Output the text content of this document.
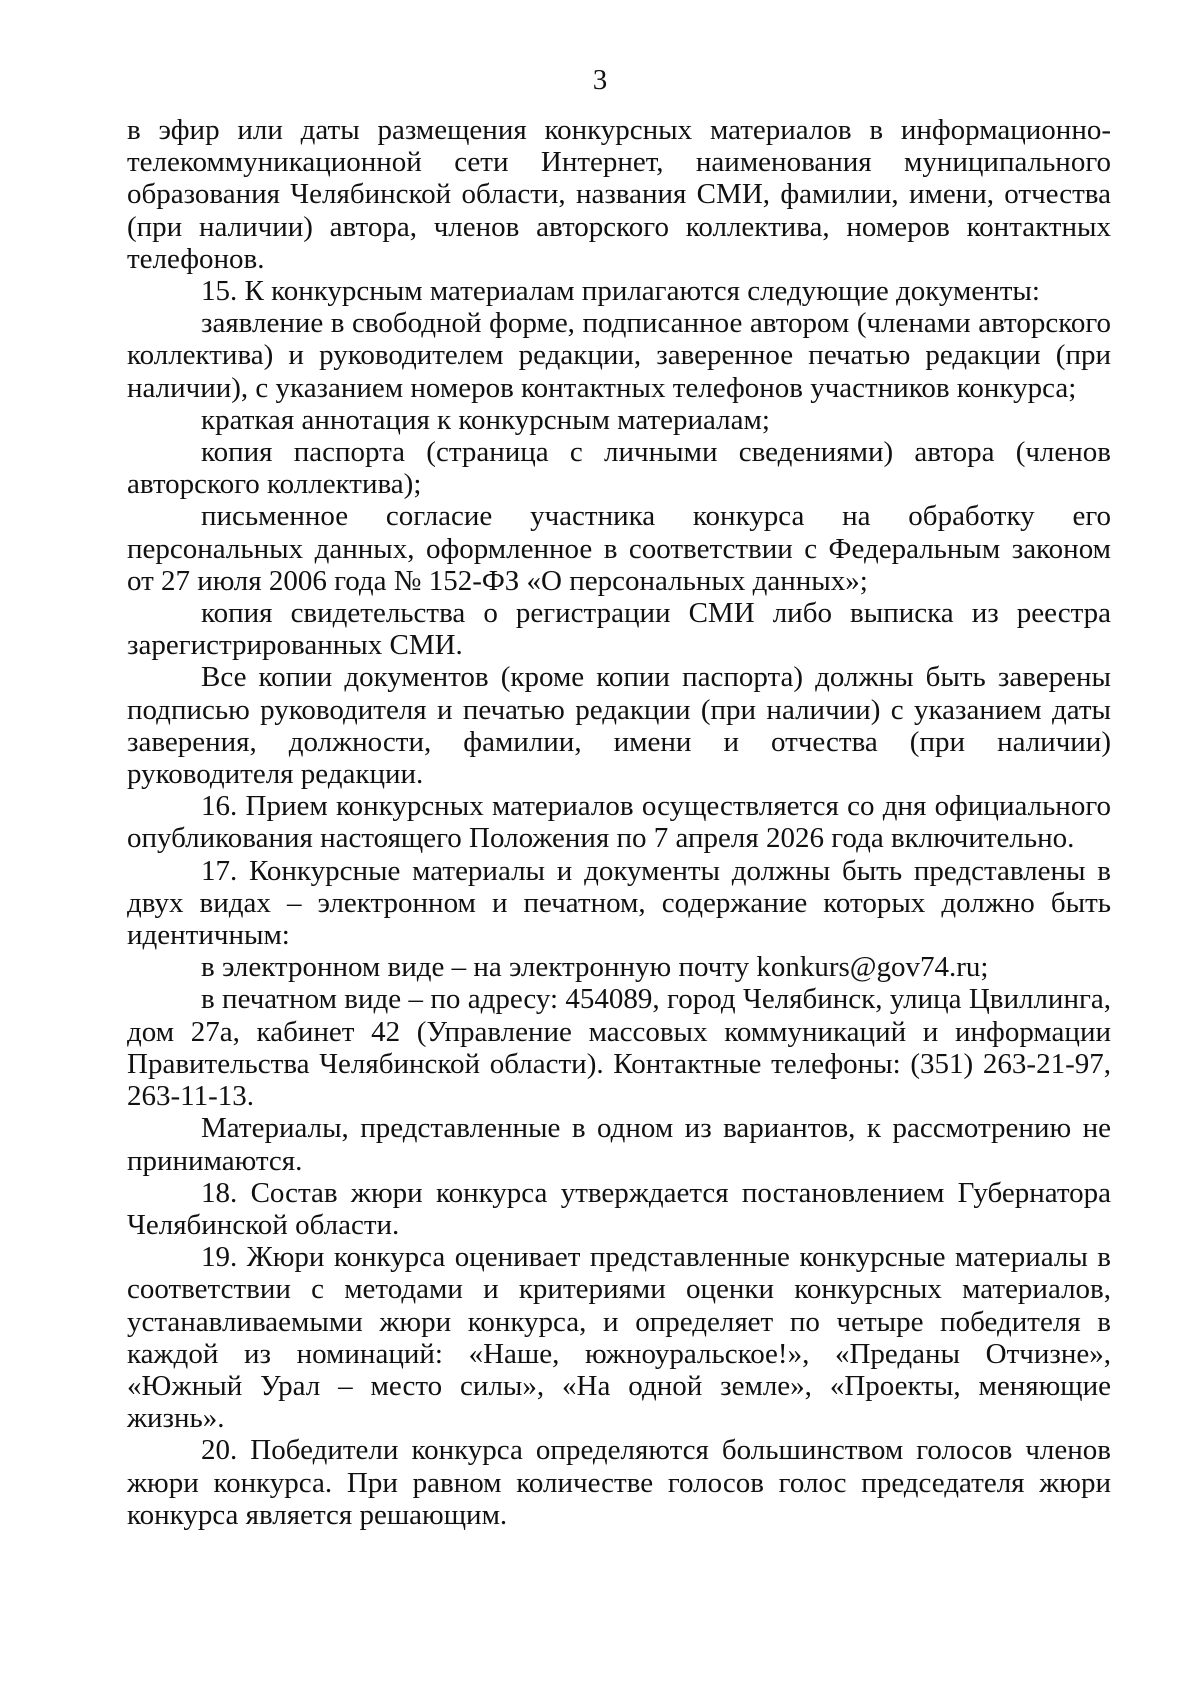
3

в эфир или даты размещения конкурсных материалов в информационно-телекоммуникационной сети Интернет, наименования муниципального образования Челябинской области, названия СМИ, фамилии, имени, отчества (при наличии) автора, членов авторского коллектива, номеров контактных телефонов.

15. К конкурсным материалам прилагаются следующие документы:

заявление в свободной форме, подписанное автором (членами авторского коллектива) и руководителем редакции, заверенное печатью редакции (при наличии), с указанием номеров контактных телефонов участников конкурса;

краткая аннотация к конкурсным материалам;

копия паспорта (страница с личными сведениями) автора (членов авторского коллектива);

письменное согласие участника конкурса на обработку его персональных данных, оформленное в соответствии с Федеральным законом от 27 июля 2006 года № 152-ФЗ «О персональных данных»;

копия свидетельства о регистрации СМИ либо выписка из реестра зарегистрированных СМИ.

Все копии документов (кроме копии паспорта) должны быть заверены подписью руководителя и печатью редакции (при наличии) с указанием даты заверения, должности, фамилии, имени и отчества (при наличии) руководителя редакции.

16. Прием конкурсных материалов осуществляется со дня официального опубликования настоящего Положения по 7 апреля 2026 года включительно.

17. Конкурсные материалы и документы должны быть представлены в двух видах – электронном и печатном, содержание которых должно быть идентичным:

в электронном виде – на электронную почту konkurs@gov74.ru;

в печатном виде – по адресу: 454089, город Челябинск, улица Цвиллинга, дом 27а, кабинет 42 (Управление массовых коммуникаций и информации Правительства Челябинской области). Контактные телефоны: (351) 263-21-97, 263-11-13.

Материалы, представленные в одном из вариантов, к рассмотрению не принимаются.

18. Состав жюри конкурса утверждается постановлением Губернатора Челябинской области.

19. Жюри конкурса оценивает представленные конкурсные материалы в соответствии с методами и критериями оценки конкурсных материалов, устанавливаемыми жюри конкурса, и определяет по четыре победителя в каждой из номинаций: «Наше, южноуральское!», «Преданы Отчизне», «Южный Урал – место силы», «На одной земле», «Проекты, меняющие жизнь».

20. Победители конкурса определяются большинством голосов членов жюри конкурса. При равном количестве голосов голос председателя жюри конкурса является решающим.
